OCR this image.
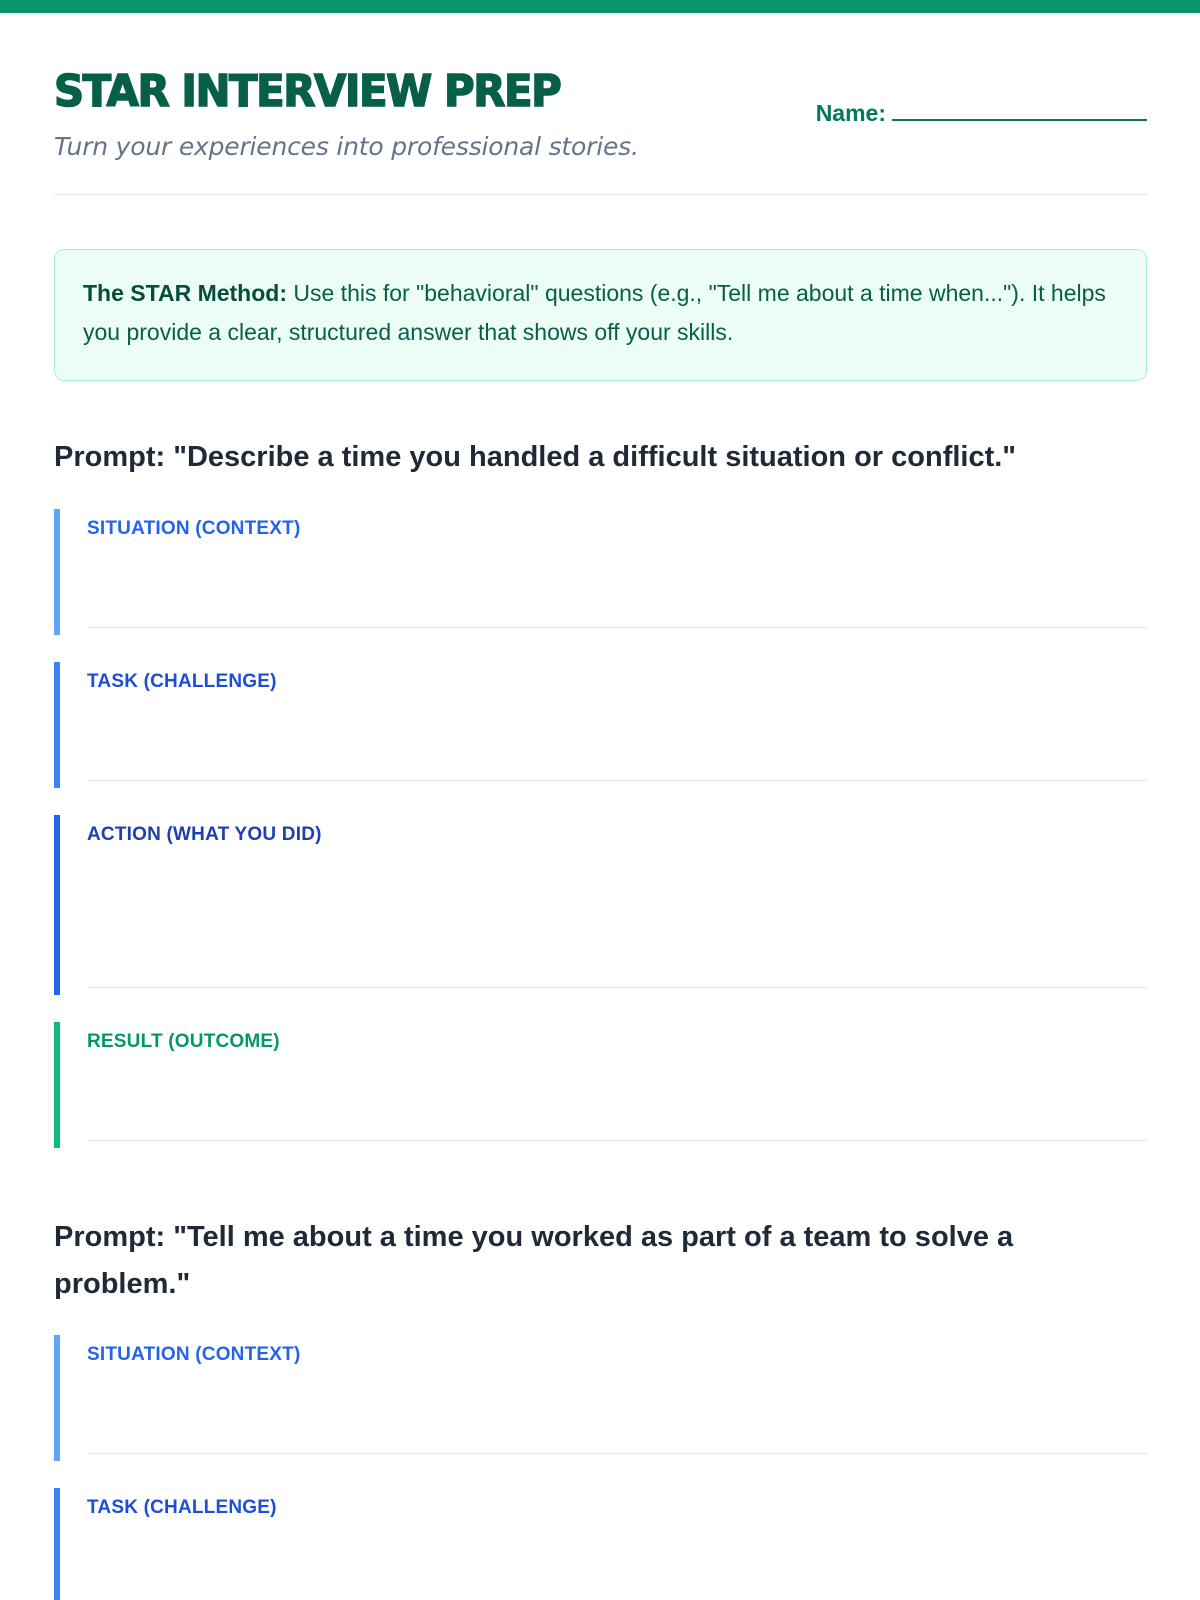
STAR INTERVIEW PREP
Turn your experiences into professional stories.
Name:
The STAR Method: Use this for "behavioral" questions (e.g., "Tell me about a time when..."). It helps you provide a clear, structured answer that shows off your skills.
Prompt: "Describe a time you handled a difficult situation or conflict."
SITUATION (CONTEXT)
TASK (CHALLENGE)
ACTION (WHAT YOU DID)
RESULT (OUTCOME)
Prompt: "Tell me about a time you worked as part of a team to solve a problem."
SITUATION (CONTEXT)
TASK (CHALLENGE)
